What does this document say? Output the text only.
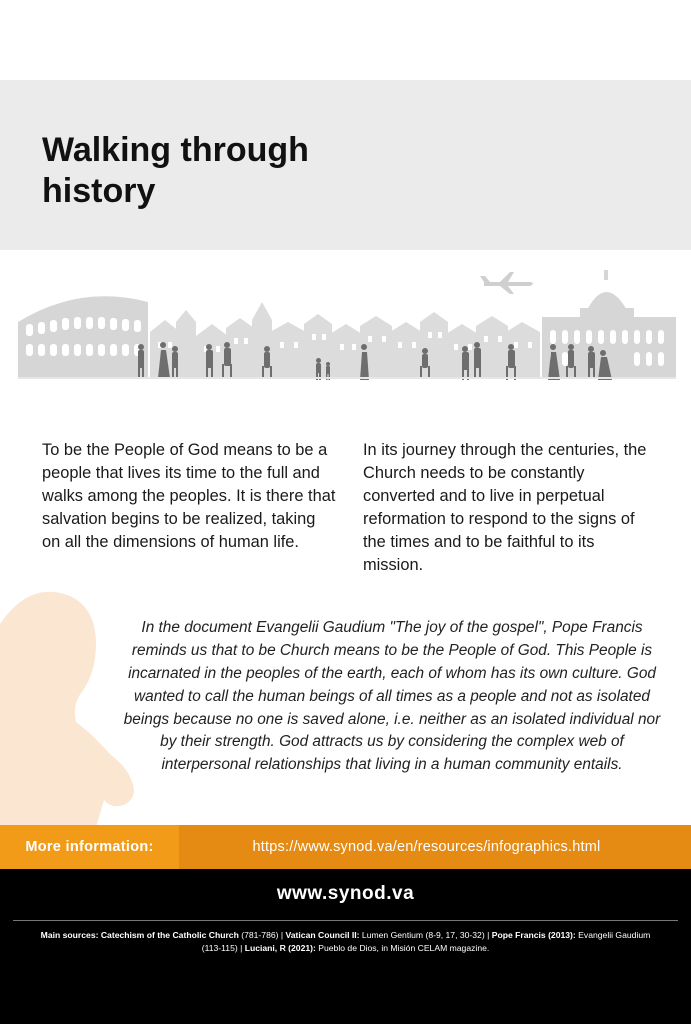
Walking through history

To be the People of God means to be a people that lives its time to the full and walks among the peoples. It is there that salvation begins to be realized, taking on all the dimensions of human life.

In its journey through the centuries, the Church needs to be constantly converted and to live in perpetual reformation to respond to the signs of the times and to be faithful to its mission.

In the document Evangelii Gaudium "The joy of the gospel", Pope Francis reminds us that to be Church means to be the People of God. This People is incarnated in the peoples of the earth, each of whom has its own culture. God wanted to call the human beings of all times as a people and not as isolated beings because no one is saved alone, i.e. neither as an isolated individual nor by their strength. God attracts us by considering the complex web of interpersonal relationships that living in a human community entails.

More information:	https://www.synod.va/en/resources/infographics.html
www.synod.va
Main sources: Catechism of the Catholic Church (781-786) | Vatican Council II: Lumen Gentium (8-9, 17, 30-32) | Pope Francis (2013): Evangelii Gaudium (113-115) | Luciani, R (2021): Pueblo de Dios, in Misión CELAM magazine.
